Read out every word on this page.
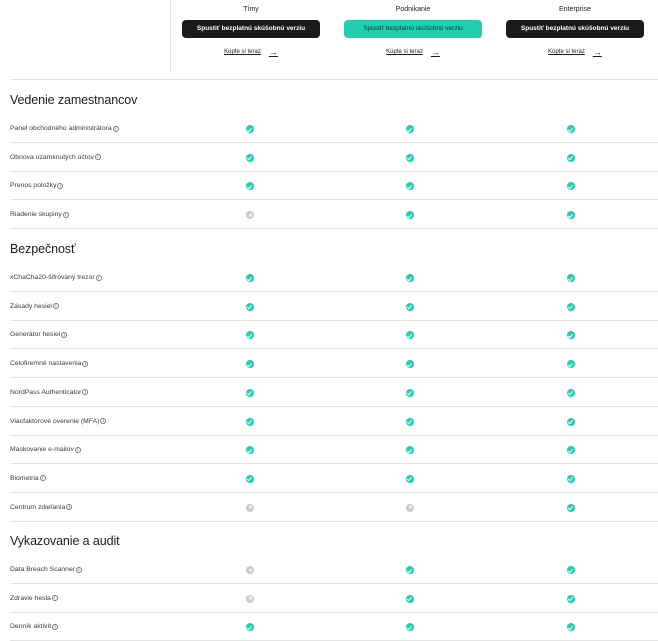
Tímy
Spustiť bezplatnú skúšobnú verziu
Kúpte si teraz →
Podnikanie
Spustiť bezplatnú skúšobnú verziu
Kúpte si teraz →
Enterprise
Spustiť bezplatnú skúšobnú verziu
Kúpte si teraz →
Vedenie zamestnancov
Panel obchodného administrátora i
Obnova uzamknutých účtov i
Prenos položky i
Riadenie skupiny i
Bezpečnosť
xChaCha20-šifrovaný trezor i
Zásady hesiel i
Generátor hesiel i
Celofiremné nastavenia i
NordPass Authenticator i
Viacfaktorové overenie (MFA) i
Maskovanie e-mailov i
Biometria i
Centrum zdieľania i
Vykazovanie a audit
Data Breach Scanner i
Zdravie hesla i
Denník aktivít i
